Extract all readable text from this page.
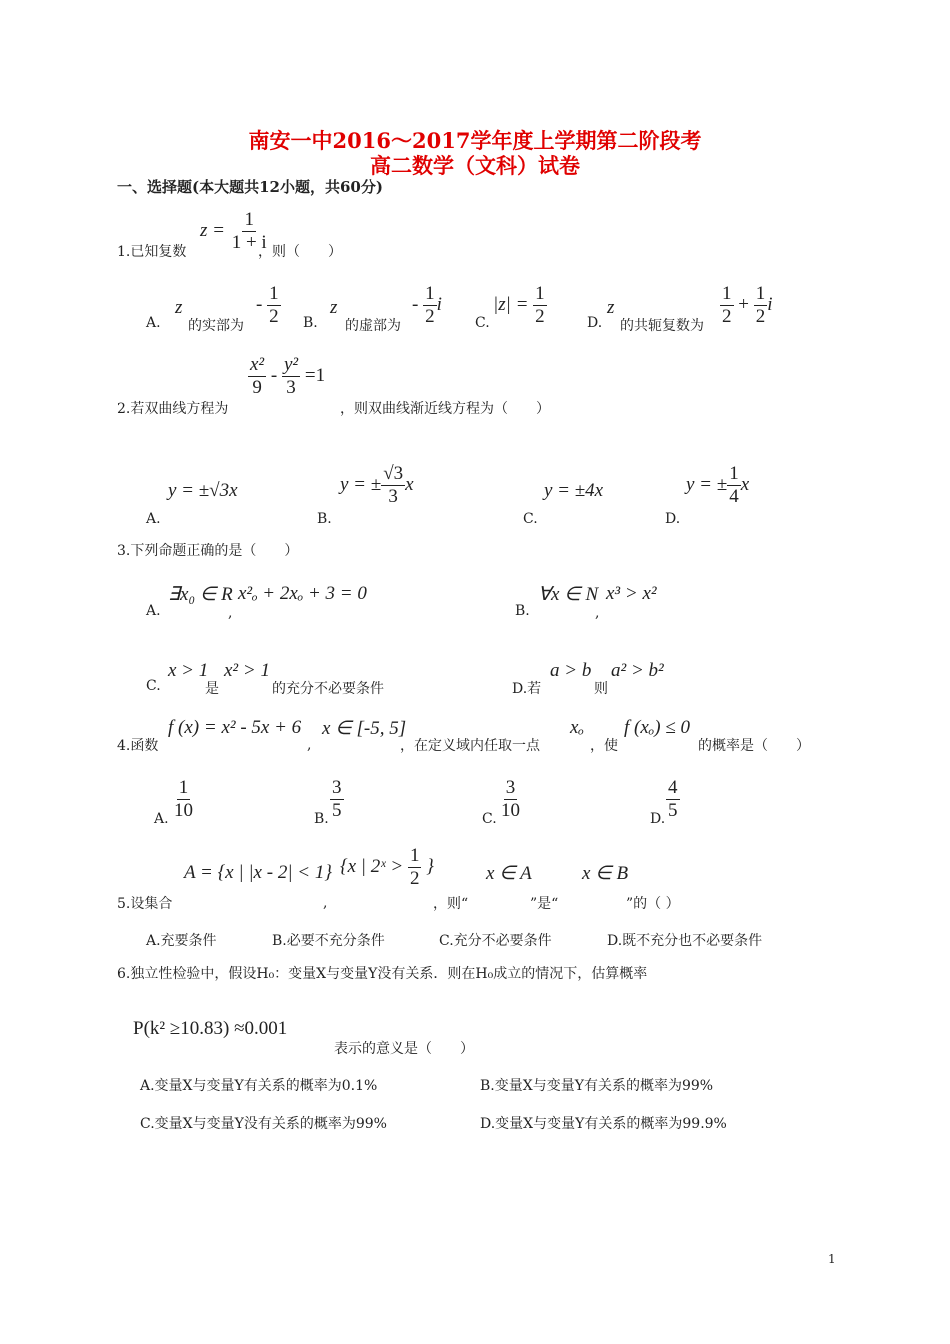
南安一中2016～2017学年度上学期第二阶段考
高二数学（文科）试卷
一、选择题(本大题共12小题，共60分)
$z = \frac{1}{1 + i}$
1.已知复数	，则（　　）
A.
z
的实部为
- $\frac{1}{2} B$.
z
的虚部为
- $\frac{1}{2}$ i
C.
$|z| = \frac{1}{2}$	D.
z
的共轭复数为 $\frac{1}{2} + \frac{1}{2}$ i
$\frac{\text{x²}}{9} - \frac{\text{y²}}{3} =1$
2.若双曲线方程为	，则双曲线渐近线方程为（　　）
y = ±√3x
A.
y = ± $\frac{√3}{3}$ x
B.
y = ±4x
C.
y = ± $\frac{1}{4}$ x
D.
3.下列命题正确的是（　　）
∃x₀ ∈ R
A.	,
x²ₒ + 2xₒ + 3 = 0	∀x ∈ N
B.	,
x³ > x²
x > 1
C.	是
x² > 1
的充分不必要条件	D.若
a > b
则
a² > b²
f (x) = x² - 5x + 6
4.函数	,
x ∈ [-5, 5]
，在定义域内任取一点
xₒ
，使
f (xₒ) ≤ 0
的概率是（　　）
A. $\frac{1}{10}$	B. $\frac{3}{5}$	C. $\frac{3}{10}$	D. $\frac{4}{5}$
A = {x | |x - 2| < 1} {x | 2ˣ > $\frac{1}{2}$ }	x ∈ A	x ∈ B
5.设集合	,	，则“	”是“	”的（ ）
A.充要条件	B.必要不充分条件	C.充分不必要条件	D.既不充分也不必要条件
6.独立性检验中，假设H₀：变量X与变量Y没有关系．则在H₀成立的情况下，估算概率
P(k² ≥10.83) ≈0.001
表示的意义是（　　）
A.变量X与变量Y有关系的概率为0.1%	B.变量X与变量Y有关系的概率为99%
C.变量X与变量Y没有关系的概率为99%	D.变量X与变量Y有关系的概率为99.9%
1
